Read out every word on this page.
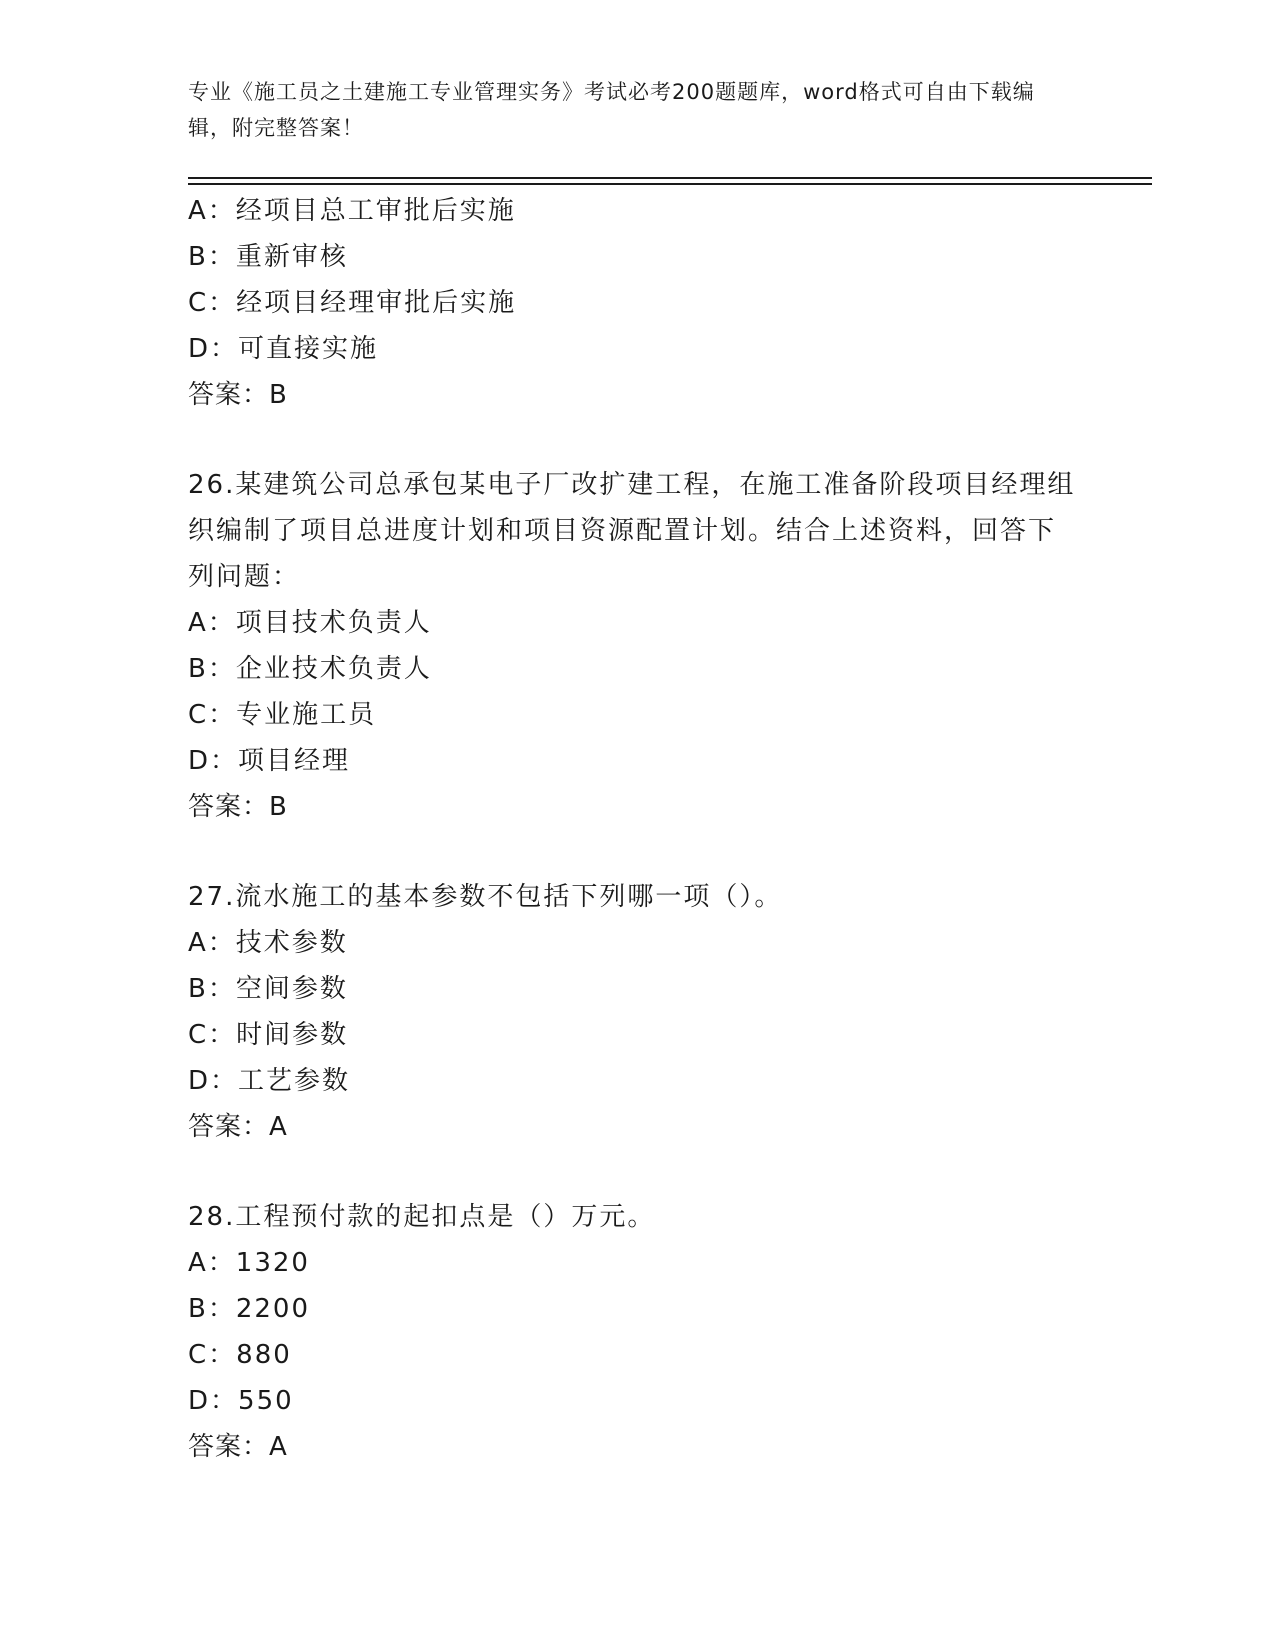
专业《施工员之土建施工专业管理实务》考试必考200题题库，word格式可自由下载编辑，附完整答案！
A：经项目总工审批后实施
B：重新审核
C：经项目经理审批后实施
D：可直接实施
答案：B
26.某建筑公司总承包某电子厂改扩建工程，在施工准备阶段项目经理组织编制了项目总进度计划和项目资源配置计划。结合上述资料，回答下列问题：
A：项目技术负责人
B：企业技术负责人
C：专业施工员
D：项目经理
答案：B
27.流水施工的基本参数不包括下列哪一项（）。
A：技术参数
B：空间参数
C：时间参数
D：工艺参数
答案：A
28.工程预付款的起扣点是（）万元。
A：1320
B：2200
C：880
D：550
答案：A
